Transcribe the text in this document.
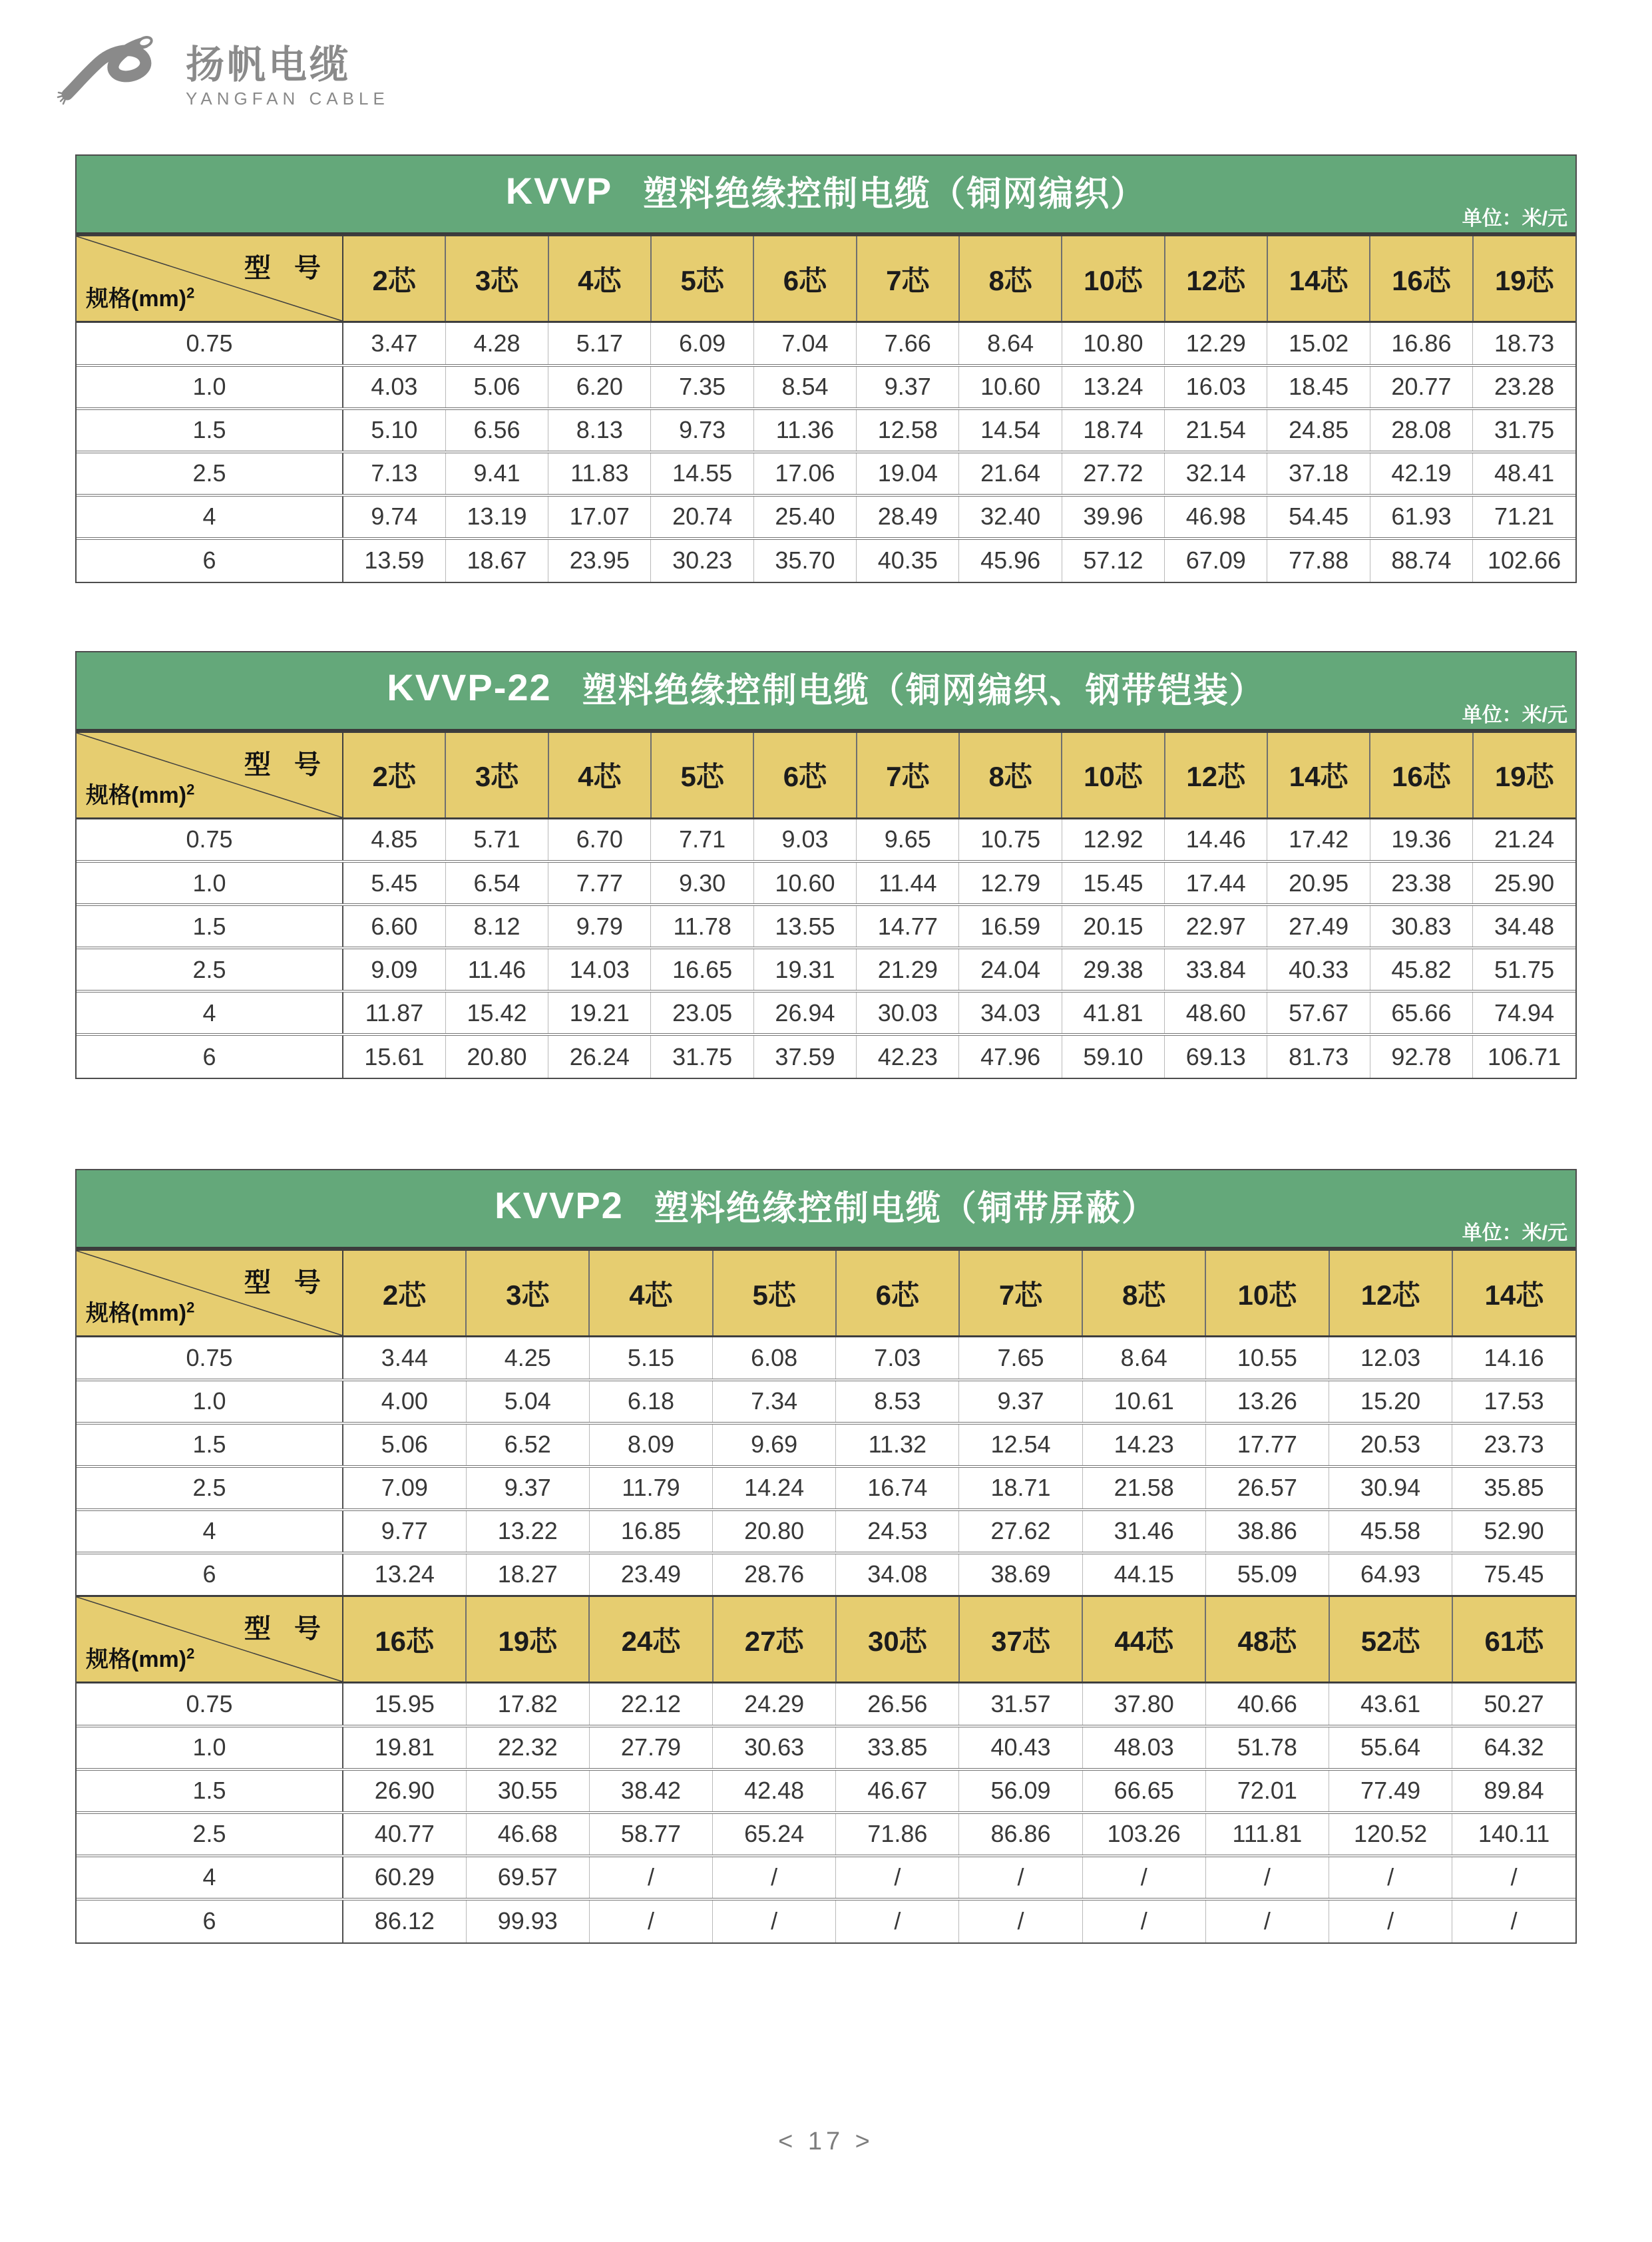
扬帆电缆
YANGFAN CABLE
KVVP 塑料绝缘控制电缆（铜网编织）
单位：米/元
型 号
规格(mm)$^2$	2芯	3芯	4芯	5芯	6芯	7芯	8芯	10芯	12芯	14芯	16芯	19芯
0.75	3.47	4.28	5.17	6.09	7.04	7.66	8.64	10.80	12.29	15.02	16.86	18.73
1.0	4.03	5.06	6.20	7.35	8.54	9.37	10.60	13.24	16.03	18.45	20.77	23.28
1.5	5.10	6.56	8.13	9.73	11.36	12.58	14.54	18.74	21.54	24.85	28.08	31.75
2.5	7.13	9.41	11.83	14.55	17.06	19.04	21.64	27.72	32.14	37.18	42.19	48.41
4	9.74	13.19	17.07	20.74	25.40	28.49	32.40	39.96	46.98	54.45	61.93	71.21
6	13.59	18.67	23.95	30.23	35.70	40.35	45.96	57.12	67.09	77.88	88.74	102.66
KVVP-22 塑料绝缘控制电缆（铜网编织、钢带铠装）
单位：米/元
型 号
规格(mm)$^2$	2芯	3芯	4芯	5芯	6芯	7芯	8芯	10芯	12芯	14芯	16芯	19芯
0.75	4.85	5.71	6.70	7.71	9.03	9.65	10.75	12.92	14.46	17.42	19.36	21.24
1.0	5.45	6.54	7.77	9.30	10.60	11.44	12.79	15.45	17.44	20.95	23.38	25.90
1.5	6.60	8.12	9.79	11.78	13.55	14.77	16.59	20.15	22.97	27.49	30.83	34.48
2.5	9.09	11.46	14.03	16.65	19.31	21.29	24.04	29.38	33.84	40.33	45.82	51.75
4	11.87	15.42	19.21	23.05	26.94	30.03	34.03	41.81	48.60	57.67	65.66	74.94
6	15.61	20.80	26.24	31.75	37.59	42.23	47.96	59.10	69.13	81.73	92.78	106.71
KVVP2 塑料绝缘控制电缆（铜带屏蔽）
单位：米/元
型 号
规格(mm)$^2$	2芯	3芯	4芯	5芯	6芯	7芯	8芯	10芯	12芯	14芯
0.75	3.44	4.25	5.15	6.08	7.03	7.65	8.64	10.55	12.03	14.16
1.0	4.00	5.04	6.18	7.34	8.53	9.37	10.61	13.26	15.20	17.53
1.5	5.06	6.52	8.09	9.69	11.32	12.54	14.23	17.77	20.53	23.73
2.5	7.09	9.37	11.79	14.24	16.74	18.71	21.58	26.57	30.94	35.85
4	9.77	13.22	16.85	20.80	24.53	27.62	31.46	38.86	45.58	52.90
6	13.24	18.27	23.49	28.76	34.08	38.69	44.15	55.09	64.93	75.45

型 号
规格(mm)$^2$	16芯	19芯	24芯	27芯	30芯	37芯	44芯	48芯	52芯	61芯
0.75	15.95	17.82	22.12	24.29	26.56	31.57	37.80	40.66	43.61	50.27
1.0	19.81	22.32	27.79	30.63	33.85	40.43	48.03	51.78	55.64	64.32
1.5	26.90	30.55	38.42	42.48	46.67	56.09	66.65	72.01	77.49	89.84
2.5	40.77	46.68	58.77	65.24	71.86	86.86	103.26	111.81	120.52	140.11
4	60.29	69.57	/	/	/	/	/	/	/	/
6	86.12	99.93	/	/	/	/	/	/	/	/
< 17 >
